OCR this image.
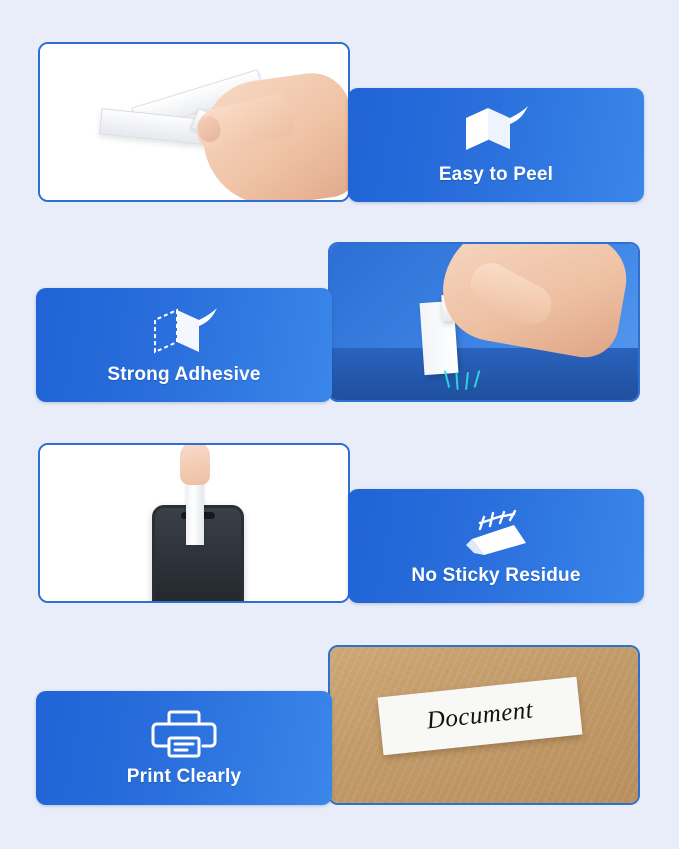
Easy to Peel
Strong Adhesive
No Sticky Residue
Document
Print Clearly
